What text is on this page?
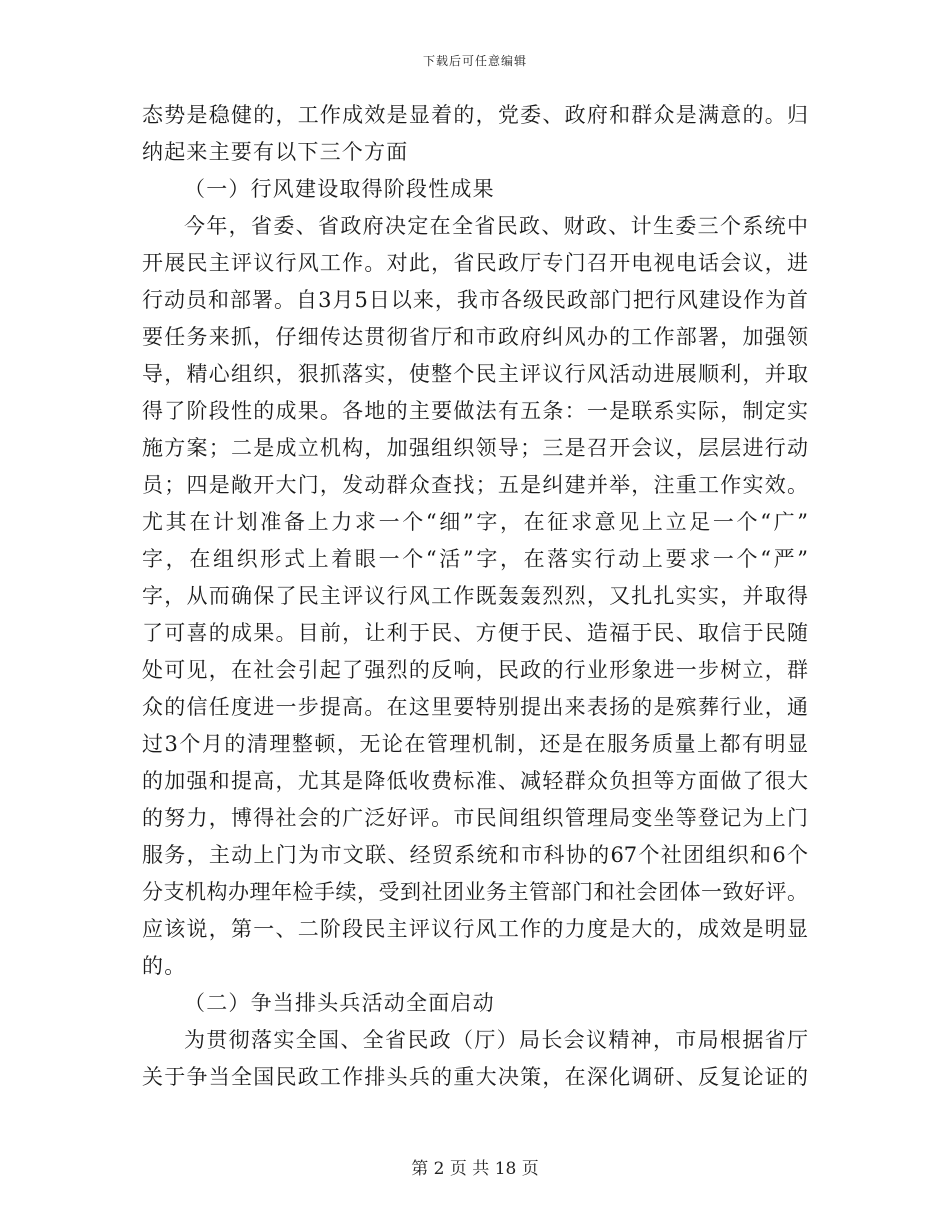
下载后可任意编辑
态势是稳健的，工作成效是显着的，党委、政府和群众是满意的。归
纳起来主要有以下三个方面
（一）行风建设取得阶段性成果
今年，省委、省政府决定在全省民政、财政、计生委三个系统中
开展民主评议行风工作。对此，省民政厅专门召开电视电话会议，进
行动员和部署。自3月5日以来，我市各级民政部门把行风建设作为首
要任务来抓，仔细传达贯彻省厅和市政府纠风办的工作部署，加强领
导，精心组织，狠抓落实，使整个民主评议行风活动进展顺利，并取
得了阶段性的成果。各地的主要做法有五条：一是联系实际，制定实
施方案；二是成立机构，加强组织领导；三是召开会议，层层进行动
员；四是敞开大门，发动群众查找；五是纠建并举，注重工作实效。
尤其在计划准备上力求一个“细”字，在征求意见上立足一个“广”
字，在组织形式上着眼一个“活”字，在落实行动上要求一个“严”
字，从而确保了民主评议行风工作既轰轰烈烈，又扎扎实实，并取得
了可喜的成果。目前，让利于民、方便于民、造福于民、取信于民随
处可见，在社会引起了强烈的反响，民政的行业形象进一步树立，群
众的信任度进一步提高。在这里要特别提出来表扬的是殡葬行业，通
过3个月的清理整顿，无论在管理机制，还是在服务质量上都有明显
的加强和提高，尤其是降低收费标准、减轻群众负担等方面做了很大
的努力，博得社会的广泛好评。市民间组织管理局变坐等登记为上门
服务，主动上门为市文联、经贸系统和市科协的67个社团组织和6个
分支机构办理年检手续，受到社团业务主管部门和社会团体一致好评。
应该说，第一、二阶段民主评议行风工作的力度是大的，成效是明显
的。
（二）争当排头兵活动全面启动
为贯彻落实全国、全省民政（厅）局长会议精神，市局根据省厅
关于争当全国民政工作排头兵的重大决策，在深化调研、反复论证的
第 2 页 共 18 页
